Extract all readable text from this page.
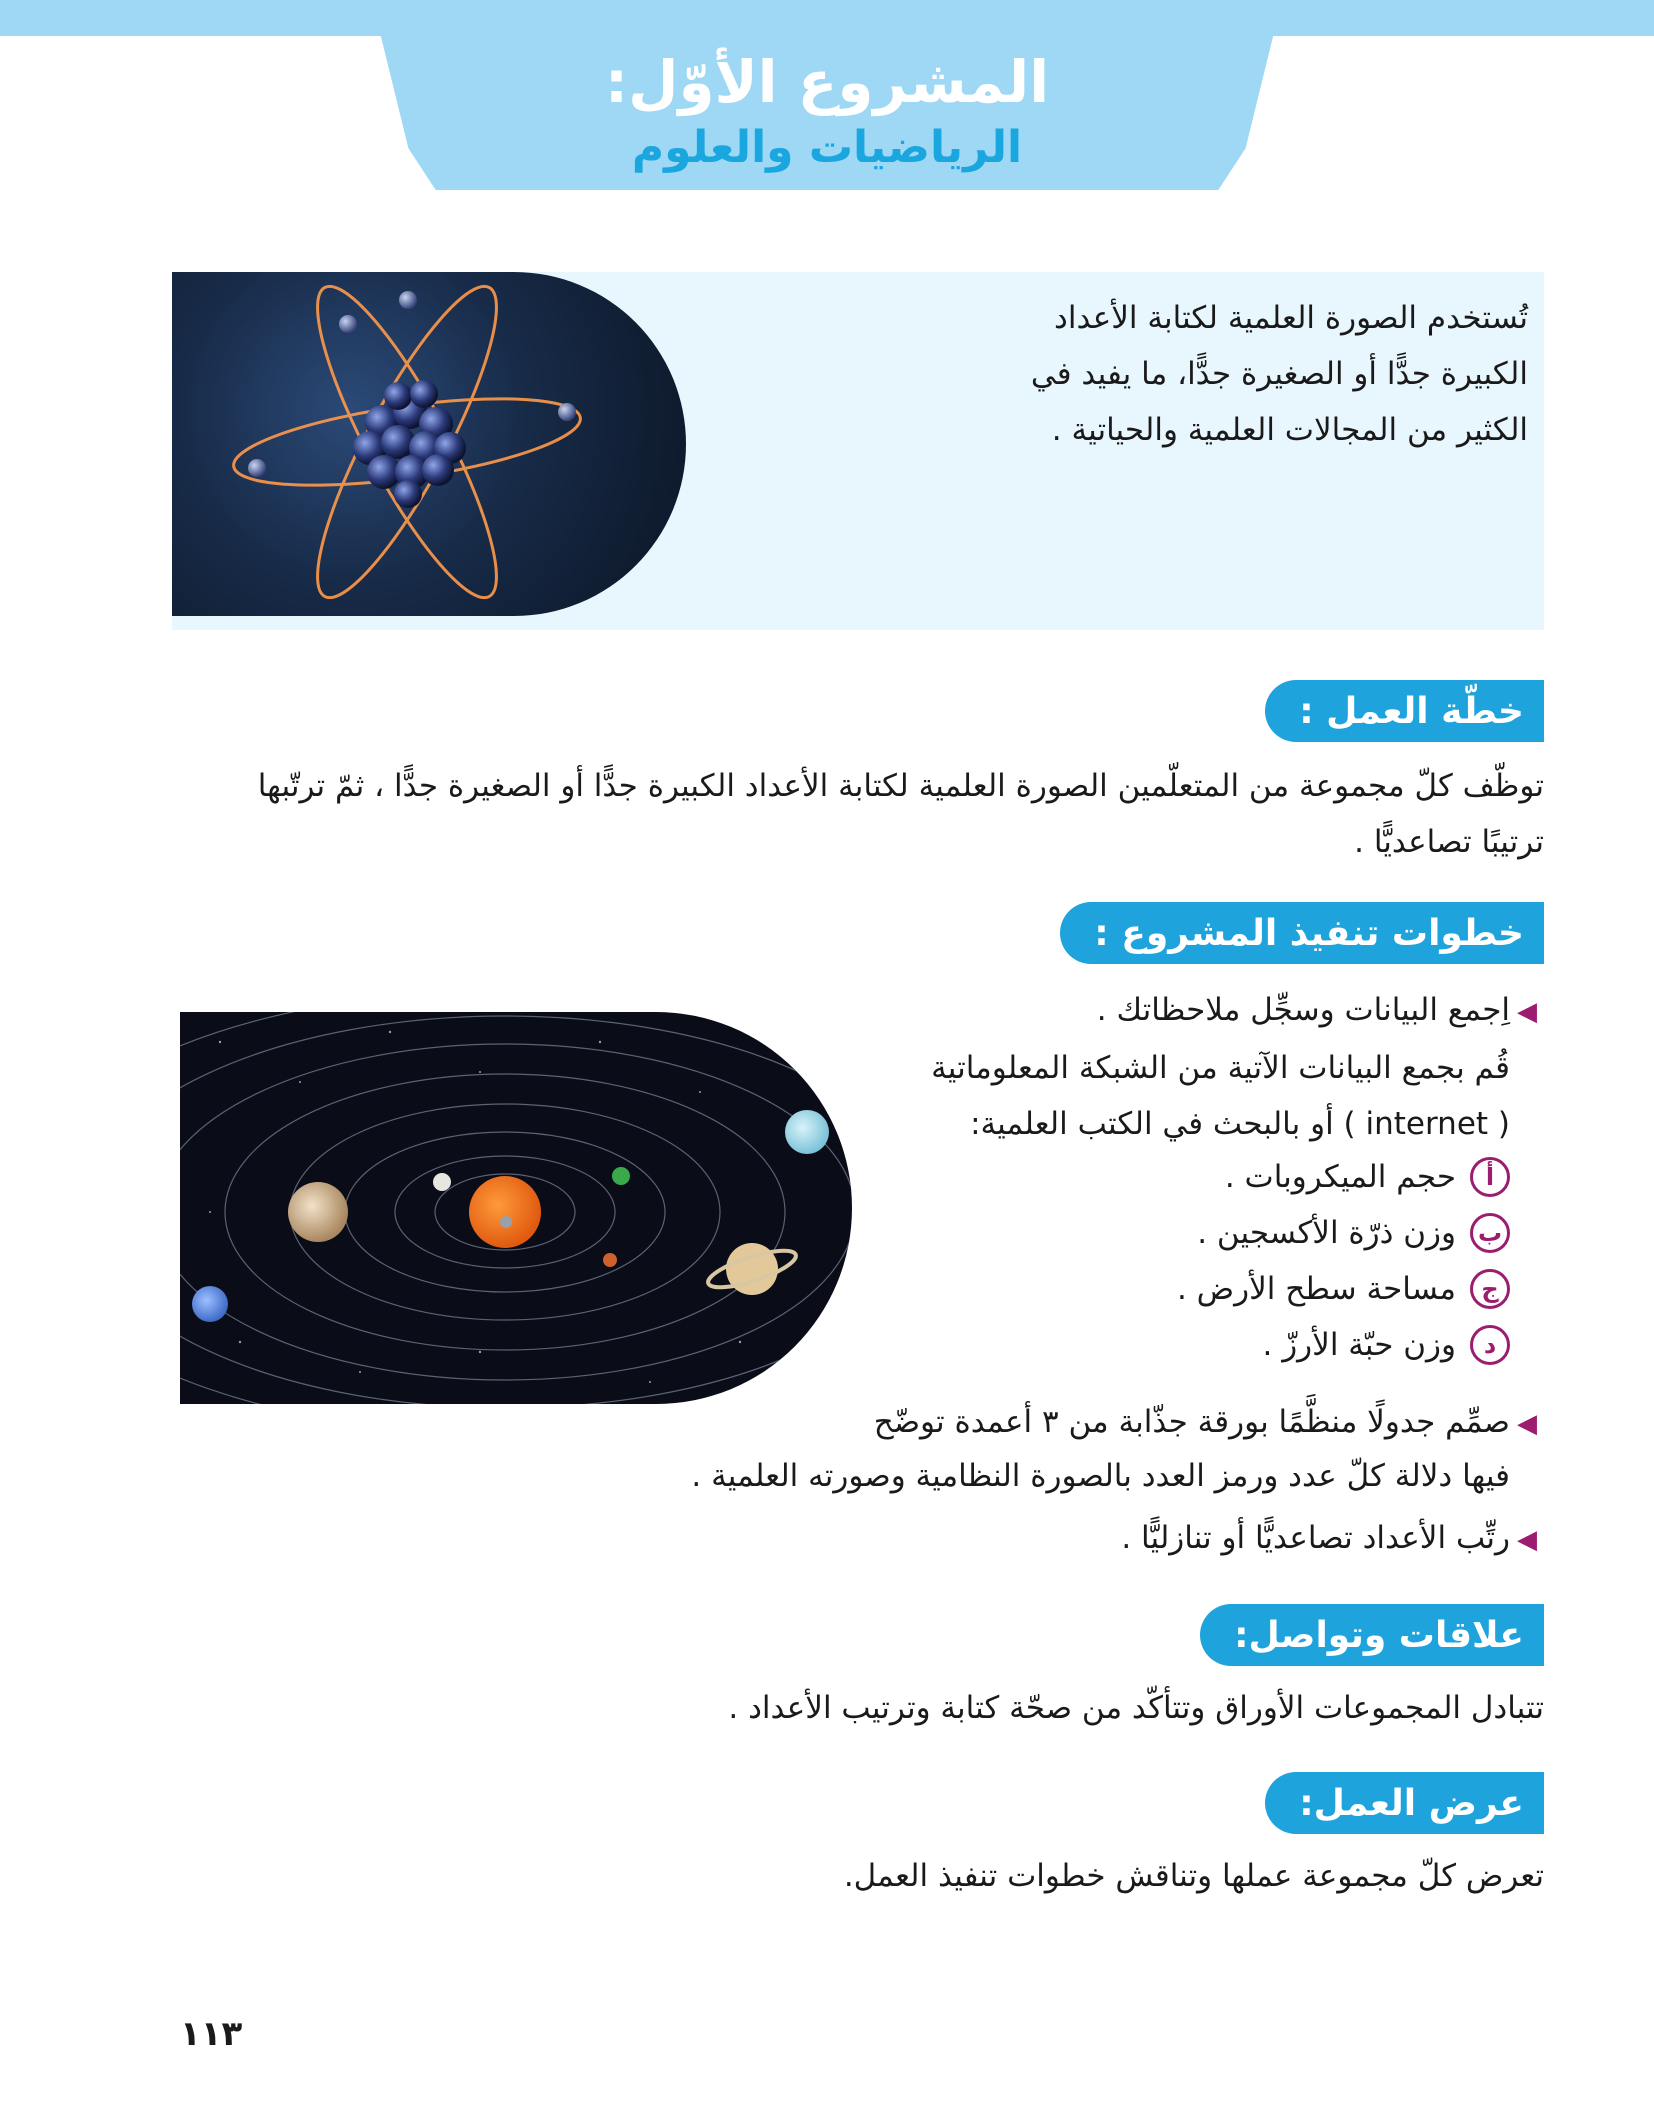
المشروع الأوّل:
الرياضيات والعلوم
تُستخدم الصورة العلمية لكتابة الأعداد
الكبيرة جدًّا أو الصغيرة جدًّا، ما يفيد في
الكثير من المجالات العلمية والحياتية .
خطّة العمل :
توظّف كلّ مجموعة من المتعلّمين الصورة العلمية لكتابة الأعداد الكبيرة جدًّا أو الصغيرة جدًّا ، ثمّ ترتّبها
ترتيبًا تصاعديًّا .
خطوات تنفيذ المشروع :
◀اِجمع البيانات وسجِّل ملاحظاتك .
قُم بجمع البيانات الآتية من الشبكة المعلوماتية
( internet ) أو بالبحث في الكتب العلمية:
أ
حجم الميكروبات .
ب
وزن ذرّة الأكسجين .
ج
مساحة سطح الأرض .
د
وزن حبّة الأرزّ .
◀صمِّم جدولًا منظَّمًا بورقة جذّابة من ٣ أعمدة توضّح
فيها دلالة كلّ عدد ورمز العدد بالصورة النظامية وصورته العلمية .
◀رتِّب الأعداد تصاعديًّا أو تنازليًّا .
علاقات وتواصل:
تتبادل المجموعات الأوراق وتتأكّد من صحّة كتابة وترتيب الأعداد .
عرض العمل:
تعرض كلّ مجموعة عملها وتناقش خطوات تنفيذ العمل.
١١٣
